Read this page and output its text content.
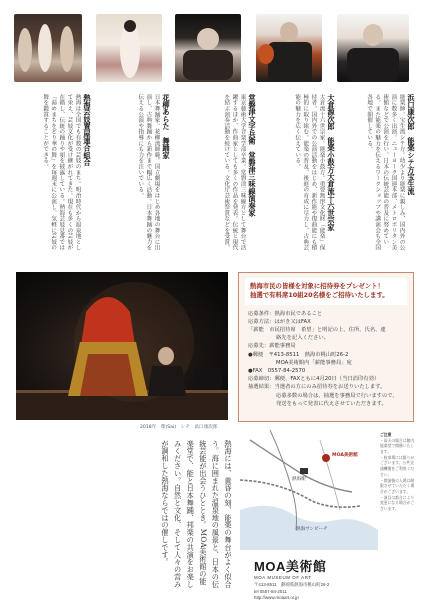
浜口康次郎　能楽シテ方宝生流
能楽師。宝生流シテ方。幼少より能楽に親しみ、国内外の公演に数多く出演。ニューヨーク国連本部、メトロポリタン美術館などで公演を行い、日本の伝統芸能の普及に努めている。また能楽の魅力を伝えるワークショップや講演会も全国各地で開催している。
大倉源次郎　能楽小鼓方大倉流十六世宗家
大倉流十六世宗家。能楽小鼓方。重要無形文化財「能楽」保持者。国内外での公演活動をはじめ、新作能や復曲能にも積極的に取り組む。能楽の普及、後進の育成に尽力し、古典芸能の魅力を広く伝えている。
常磐津文字兵衛　常磐津三味線演奏家
東京藝術大学音楽学部卒業。常磐津三味線方として舞台で活躍するほか、作曲家としても多くの作品を発表。伝統と現代を結ぶ演奏活動を続けている。文化庁芸術祭賞などを受賞。
花柳あらた　舞踊家
日本舞踊家。花柳流師範。国立劇場をはじめ各地の舞台に出演し、古典舞踊から新作まで幅広く活動。日本舞踊の魅力を伝える公演や指導にも力を注いでいる。
熱海芸妓置屋連合組合
熱海は全国でも有数の芸妓のまち。明治時代から温泉地として栄え、芸妓文化が受け継がれてきた。現在も多くの芸妓が在籍し、伝統の踊りや唄を披露している。熱海芸妓見番では「湯めまちをどり華の舞」を毎週末に公演し、気軽に芸妓の舞を鑑賞することができる。
2018年　柴(Sai)　シテ　浜口康次郎
熱海市民の皆様を対象に招待券をプレゼント！
抽選で有料席10組20名様をご招待いたします。
応募条件：熱海市民であること
応募方法：はがき又はFAX
「薪能　市民招待席　希望」と明記の上、住所、氏名、連
絡先を記入ください。
応募先：薪能事務局
●郵便　〒413-8511　熱海市桃山町26-2
MOA美術館内「薪能事務局」宛
●FAX　0557-84-2570
応募締切：郵便、FAXともに4月20日（当日消印有効）
抽選結果：当選者の方にのみ招待券をお送りいたします。
応募多数の場合は、抽選を事務局で行いますので、
発送をもって発表に代えさせていただきます。
熱海には、黄昏の刻、能楽の舞台がよく似合う。海に囲まれた温泉地の風景と、日本の伝統芸能が出会うひととき。MOA美術館の能楽堂で、能と日本舞踊、邦楽の共演をお楽しみください。自然と文化、そして人々の営みが調和した熱海ならではの催しです。	熱海駅
MOA美術館
熱海サンビーチ
ご注意
・雨天の場合は館内能楽堂で開催いたします。
・駐車場には限りがございます。公共交通機関をご利用ください。
・開演後の入場は制限させていただく場合がございます。
・演目は都合により変更になる場合がございます。
MOA美術館
MOA MUSEUM OF ART
〒413-8511　静岡県熱海市桃山町26-2
tel 0557-84-2511
http://www.moaart.or.jp
